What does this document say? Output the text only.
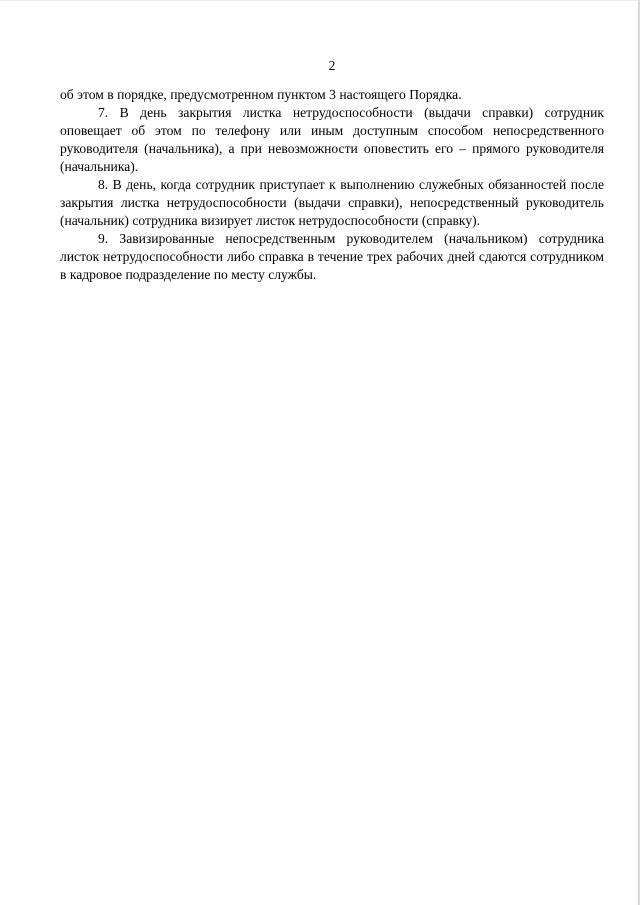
2

об этом в порядке, предусмотренном пунктом 3 настоящего Порядка.

7. В день закрытия листка нетрудоспособности (выдачи справки) сотрудник оповещает об этом по телефону или иным доступным способом непосредственного руководителя (начальника), а при невозможности оповестить его – прямого руководителя (начальника).

8. В день, когда сотрудник приступает к выполнению служебных обязанностей после закрытия листка нетрудоспособности (выдачи справки), непосредственный руководитель (начальник) сотрудника визирует листок нетрудоспособности (справку).

9. Завизированные непосредственным руководителем (начальником) сотрудника листок нетрудоспособности либо справка в течение трех рабочих дней сдаются сотрудником в кадровое подразделение по месту службы.
